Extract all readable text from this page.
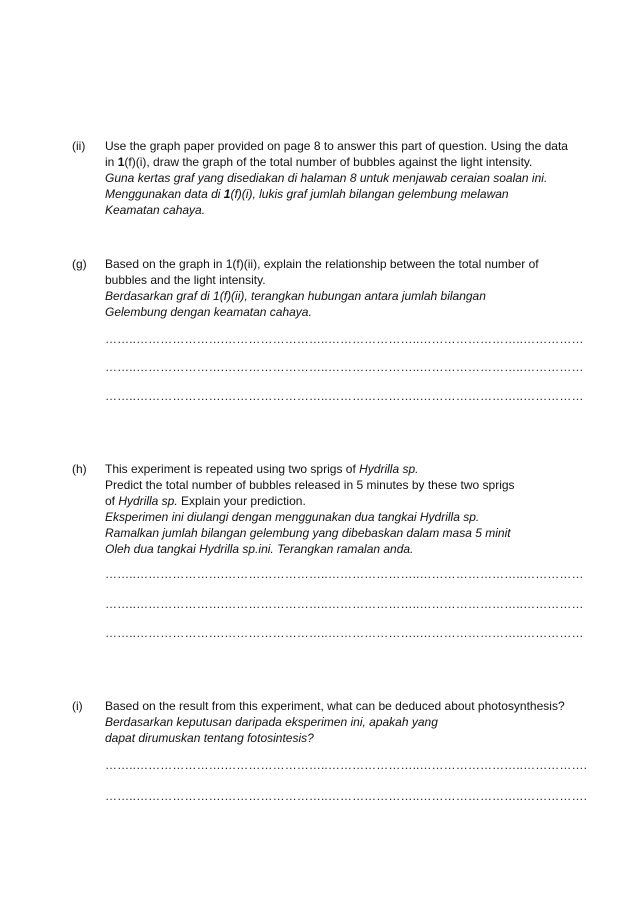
(ii) Use the graph paper provided on page 8 to answer this part of question. Using the data
in 1(f)(i), draw the graph of the total number of bubbles against the light intensity.
Guna kertas graf yang disediakan di halaman 8 untuk menjawab ceraian soalan ini.
Menggunakan data di 1(f)(i), lukis graf jumlah bilangan gelembung melawan
Keamatan cahaya.
(g) Based on the graph in 1(f)(ii), explain the relationship between the total number of
bubbles and the light intensity.
Berdasarkan graf di 1(f)(ii), terangkan hubungan antara jumlah bilangan
Gelembung dengan keamatan cahaya.
……..………………….……………………..…………………..……………………..……………
……..………………….……………………..…………………..……………………..……………
……..………………….……………………..…………………..……………………..……………
(h) This experiment is repeated using two sprigs of Hydrilla sp.
Predict the total number of bubbles released in 5 minutes by these two sprigs
of Hydrilla sp. Explain your prediction.
Eksperimen ini diulangi dengan menggunakan dua tangkai Hydrilla sp.
Ramalkan jumlah bilangan gelembung yang dibebaskan dalam masa 5 minit
Oleh dua tangkai Hydrilla sp.ini. Terangkan ramalan anda.
……..………………….……………………..…………………..……………………..……………
……..………………….……………………..…………………..……………………..……………
……..………………….……………………..…………………..……………………..……………
(i) Based on the result from this experiment, what can be deduced about photosynthesis?
Berdasarkan keputusan daripada eksperimen ini, apakah yang
dapat dirumuskan tentang fotosintesis?
……..………………….……………………..…………………..……………………..…………….
……..………………….……………………..…………………..……………………..…………….
